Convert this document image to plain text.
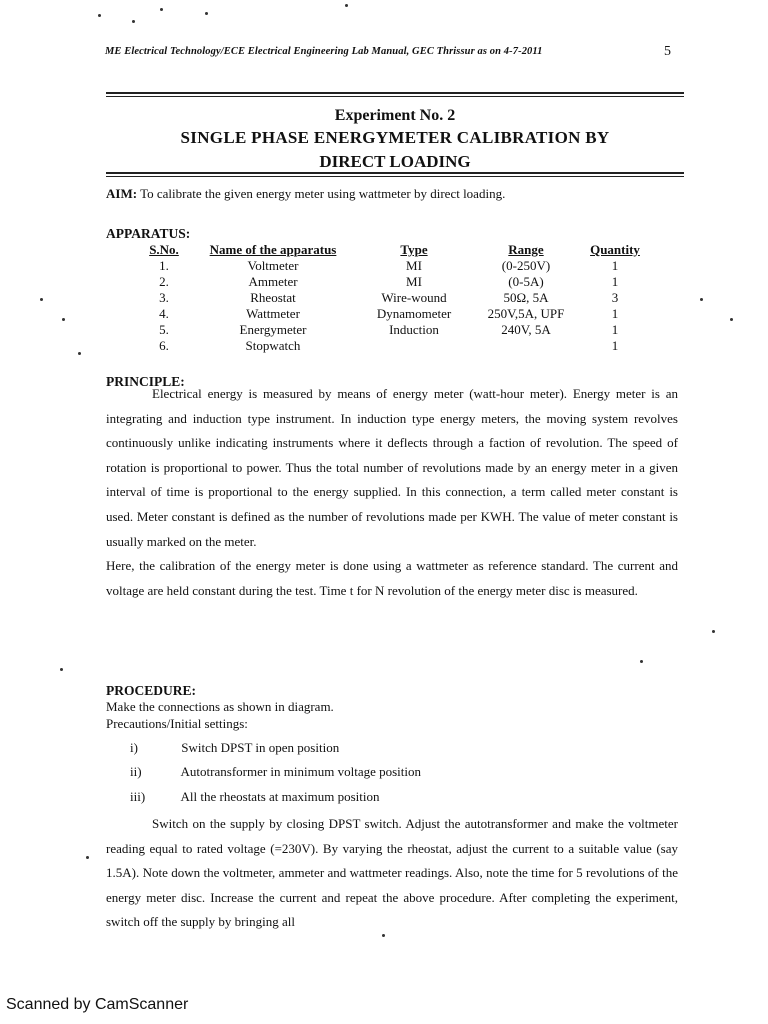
ME Electrical Technology/ECE Electrical Engineering Lab Manual, GEC Thrissur as on 4-7-2011	5
Experiment No. 2
SINGLE PHASE ENERGYMETER CALIBRATION BY
DIRECT LOADING
AIM: To calibrate the given energy meter using wattmeter by direct loading.
APPARATUS:
S.No.	Name of the apparatus	Type	Range	Quantity
1.	Voltmeter	MI	(0-250V)	1
2.	Ammeter	MI	(0-5A)	1
3.	Rheostat	Wire-wound	50Ω, 5A	3
4.	Wattmeter	Dynamometer	250V,5A, UPF	1
5.	Energymeter	Induction	240V, 5A	1
6.	Stopwatch			1
PRINCIPLE:

Electrical energy is measured by means of energy meter (watt-hour meter). Energy meter is an integrating and induction type instrument. In induction type energy meters, the moving system revolves continuously unlike indicating instruments where it deflects through a faction of revolution. The speed of rotation is proportional to power. Thus the total number of revolutions made by an energy meter in a given interval of time is proportional to the energy supplied. In this connection, a term called meter constant is used. Meter constant is defined as the number of revolutions made per KWH. The value of meter constant is usually marked on the meter.

Here, the calibration of the energy meter is done using a wattmeter as reference standard. The current and voltage are held constant during the test. Time t for N revolution of the energy meter disc is measured.

PROCEDURE:
Make the connections as shown in diagram.
Precautions/Initial settings:
i)	Switch DPST in open position
ii)	Autotransformer in minimum voltage position
iii)	All the rheostats at maximum position

Switch on the supply by closing DPST switch. Adjust the autotransformer and make the voltmeter reading equal to rated voltage (=230V). By varying the rheostat, adjust the current to a suitable value (say 1.5A). Note down the voltmeter, ammeter and wattmeter readings. Also, note the time for 5 revolutions of the energy meter disc. Increase the current and repeat the above procedure. After completing the experiment, switch off the supply by bringing all

Scanned by CamScanner
